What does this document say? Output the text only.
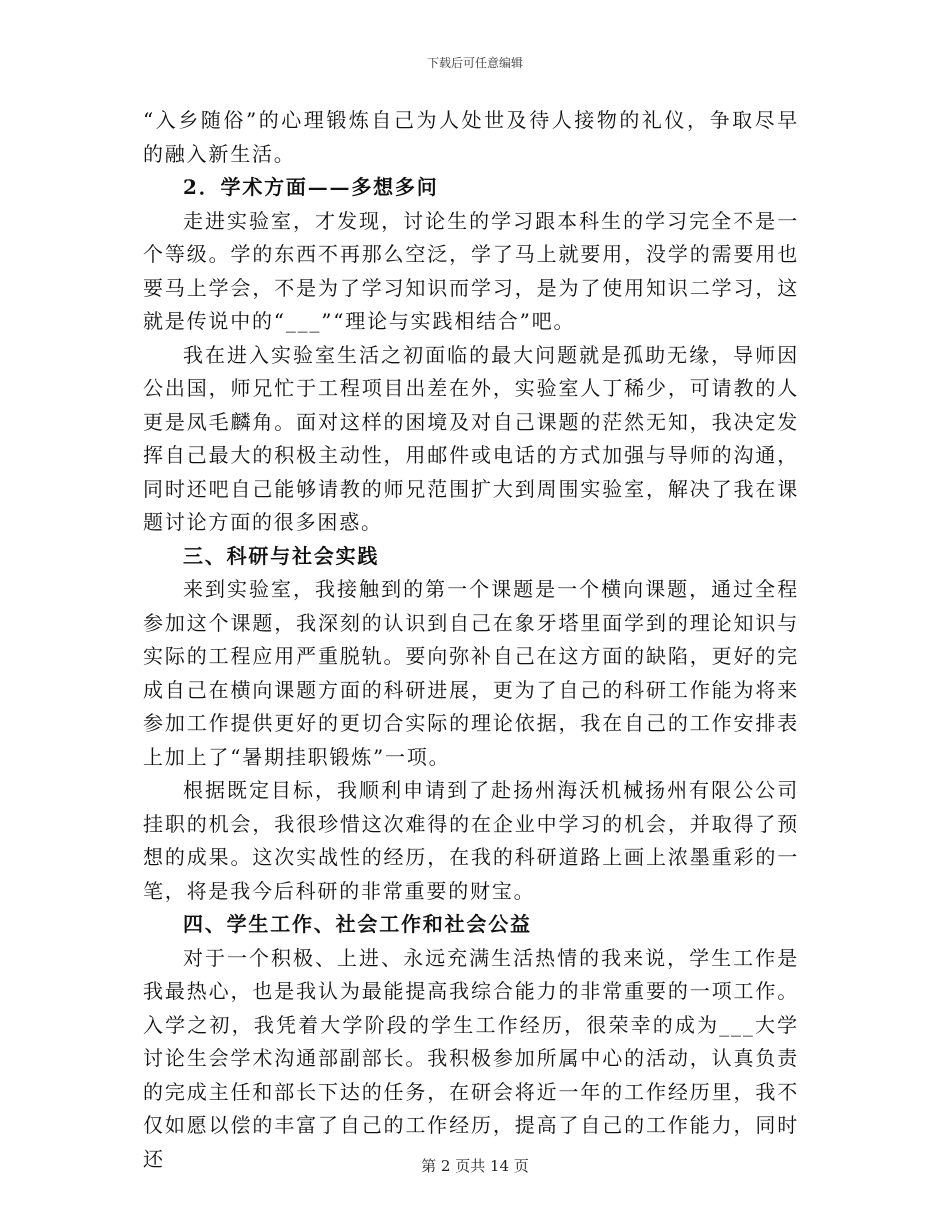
下载后可任意编辑

“入乡随俗”的心理锻炼自己为人处世及待人接物的礼仪，争取尽早的融入新生活。

2．学术方面——多想多问

走进实验室，才发现，讨论生的学习跟本科生的学习完全不是一个等级。学的东西不再那么空泛，学了马上就要用，没学的需要用也要马上学会，不是为了学习知识而学习，是为了使用知识二学习，这就是传说中的“___”“理论与实践相结合”吧。

我在进入实验室生活之初面临的最大问题就是孤助无缘，导师因公出国，师兄忙于工程项目出差在外，实验室人丁稀少，可请教的人更是凤毛麟角。面对这样的困境及对自己课题的茫然无知，我决定发挥自己最大的积极主动性，用邮件或电话的方式加强与导师的沟通，同时还吧自己能够请教的师兄范围扩大到周围实验室，解决了我在课题讨论方面的很多困惑。

三、科研与社会实践

来到实验室，我接触到的第一个课题是一个横向课题，通过全程参加这个课题，我深刻的认识到自己在象牙塔里面学到的理论知识与实际的工程应用严重脱轨。要向弥补自己在这方面的缺陷，更好的完成自己在横向课题方面的科研进展，更为了自己的科研工作能为将来参加工作提供更好的更切合实际的理论依据，我在自己的工作安排表上加上了“暑期挂职锻炼”一项。

根据既定目标，我顺利申请到了赴扬州海沃机械扬州有限公公司挂职的机会，我很珍惜这次难得的在企业中学习的机会，并取得了预想的成果。这次实战性的经历，在我的科研道路上画上浓墨重彩的一笔，将是我今后科研的非常重要的财宝。

四、学生工作、社会工作和社会公益

对于一个积极、上进、永远充满生活热情的我来说，学生工作是我最热心，也是我认为最能提高我综合能力的非常重要的一项工作。入学之初，我凭着大学阶段的学生工作经历，很荣幸的成为___大学讨论生会学术沟通部副部长。我积极参加所属中心的活动，认真负责的完成主任和部长下达的任务，在研会将近一年的工作经历里，我不仅如愿以偿的丰富了自己的工作经历，提高了自己的工作能力，同时还	第 2 页共 14 页
